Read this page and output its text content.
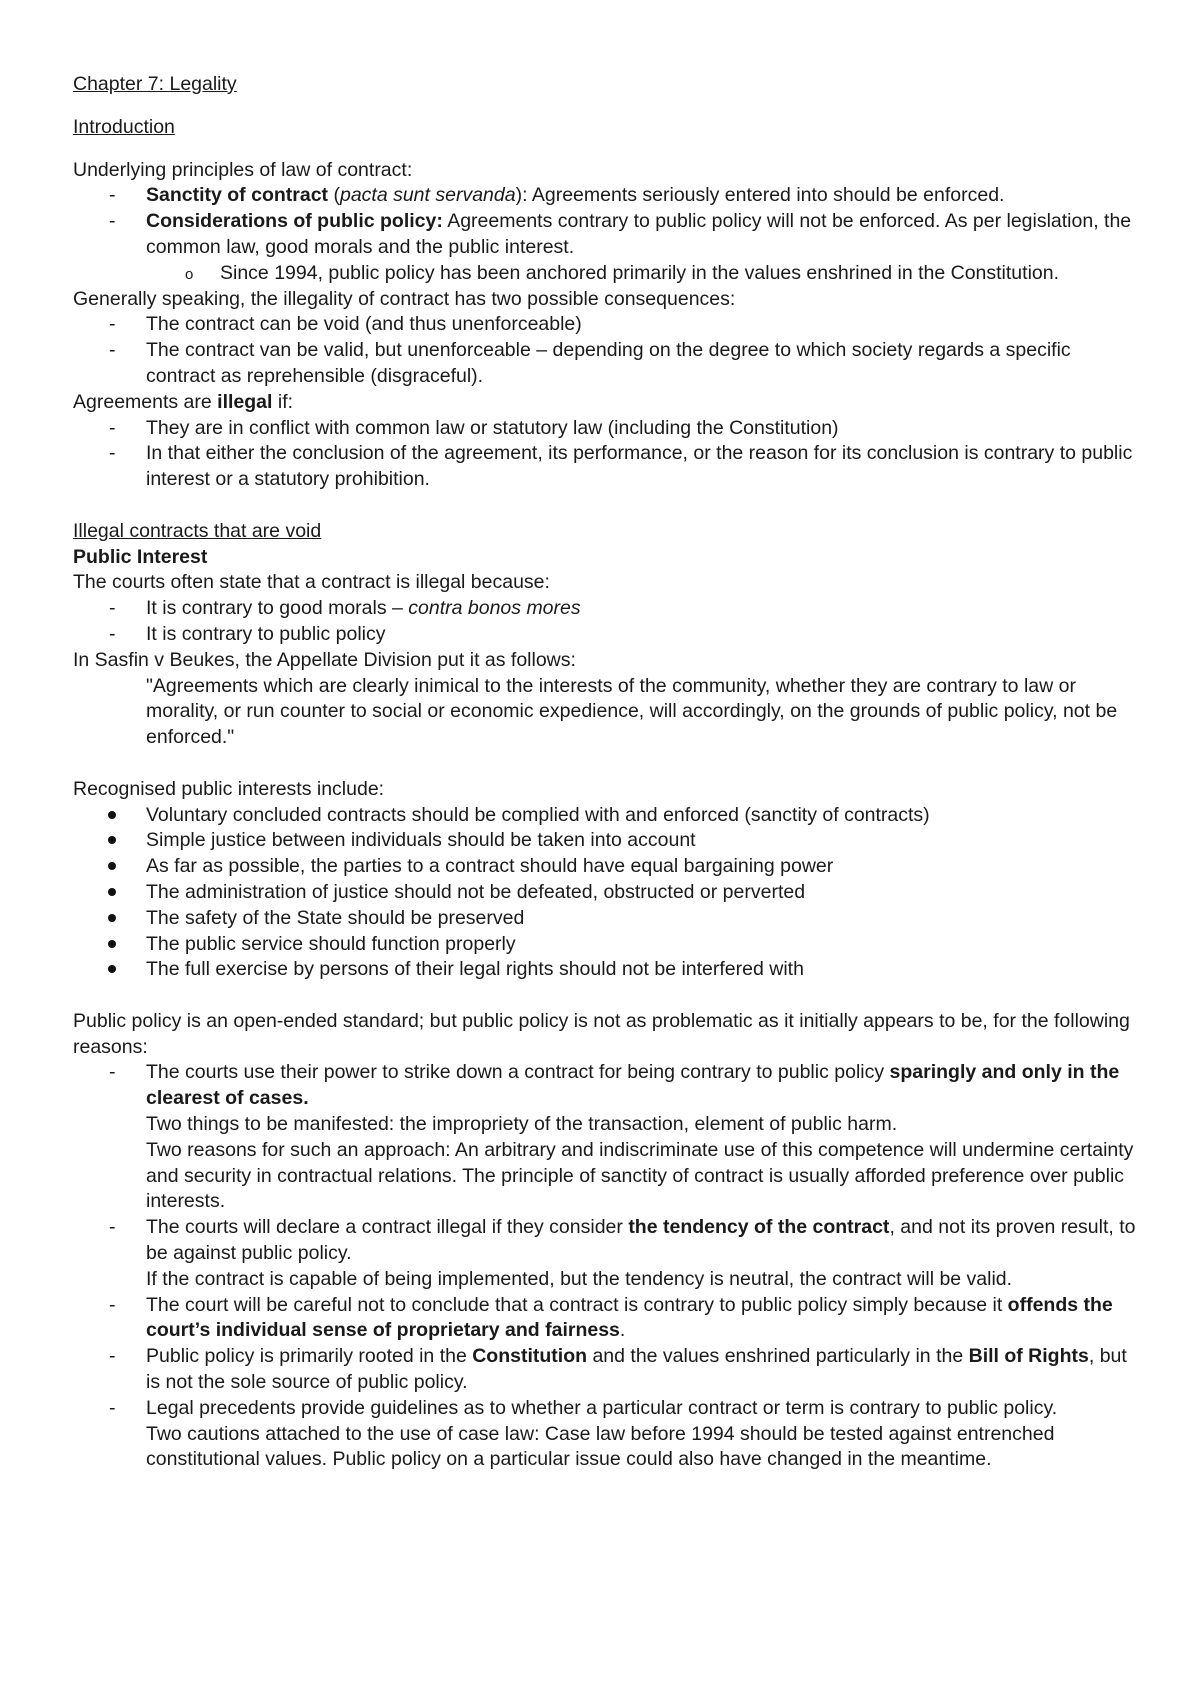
Chapter 7: Legality

Introduction

Underlying principles of law of contract:

- Sanctity of contract (pacta sunt servanda): Agreements seriously entered into should be enforced.
- Considerations of public policy: Agreements contrary to public policy will not be enforced. As per legislation, the common law, good morals and the public interest.
o Since 1994, public policy has been anchored primarily in the values enshrined in the Constitution.

Generally speaking, the illegality of contract has two possible consequences:

- The contract can be void (and thus unenforceable)
- The contract van be valid, but unenforceable – depending on the degree to which society regards a specific contract as reprehensible (disgraceful).

Agreements are illegal if:

- They are in conflict with common law or statutory law (including the Constitution)
- In that either the conclusion of the agreement, its performance, or the reason for its conclusion is contrary to public interest or a statutory prohibition.

Illegal contracts that are void

Public Interest

The courts often state that a contract is illegal because:

- It is contrary to good morals – contra bonos mores
- It is contrary to public policy

In Sasfin v Beukes, the Appellate Division put it as follows:

"Agreements which are clearly inimical to the interests of the community, whether they are contrary to law or morality, or run counter to social or economic expedience, will accordingly, on the grounds of public policy, not be enforced."

Recognised public interests include:

Voluntary concluded contracts should be complied with and enforced (sanctity of contracts)
Simple justice between individuals should be taken into account
As far as possible, the parties to a contract should have equal bargaining power
The administration of justice should not be defeated, obstructed or perverted
The safety of the State should be preserved
The public service should function properly
The full exercise by persons of their legal rights should not be interfered with

Public policy is an open-ended standard; but public policy is not as problematic as it initially appears to be, for the following reasons:

- The courts use their power to strike down a contract for being contrary to public policy sparingly and only in the clearest of cases.

Two things to be manifested: the impropriety of the transaction, element of public harm.

Two reasons for such an approach: An arbitrary and indiscriminate use of this competence will undermine certainty and security in contractual relations. The principle of sanctity of contract is usually afforded preference over public interests.

- The courts will declare a contract illegal if they consider the tendency of the contract, and not its proven result, to be against public policy.

If the contract is capable of being implemented, but the tendency is neutral, the contract will be valid.

- The court will be careful not to conclude that a contract is contrary to public policy simply because it offends the court’s individual sense of proprietary and fairness.
- Public policy is primarily rooted in the Constitution and the values enshrined particularly in the Bill of Rights, but is not the sole source of public policy.
- Legal precedents provide guidelines as to whether a particular contract or term is contrary to public policy.

Two cautions attached to the use of case law: Case law before 1994 should be tested against entrenched constitutional values. Public policy on a particular issue could also have changed in the meantime.
